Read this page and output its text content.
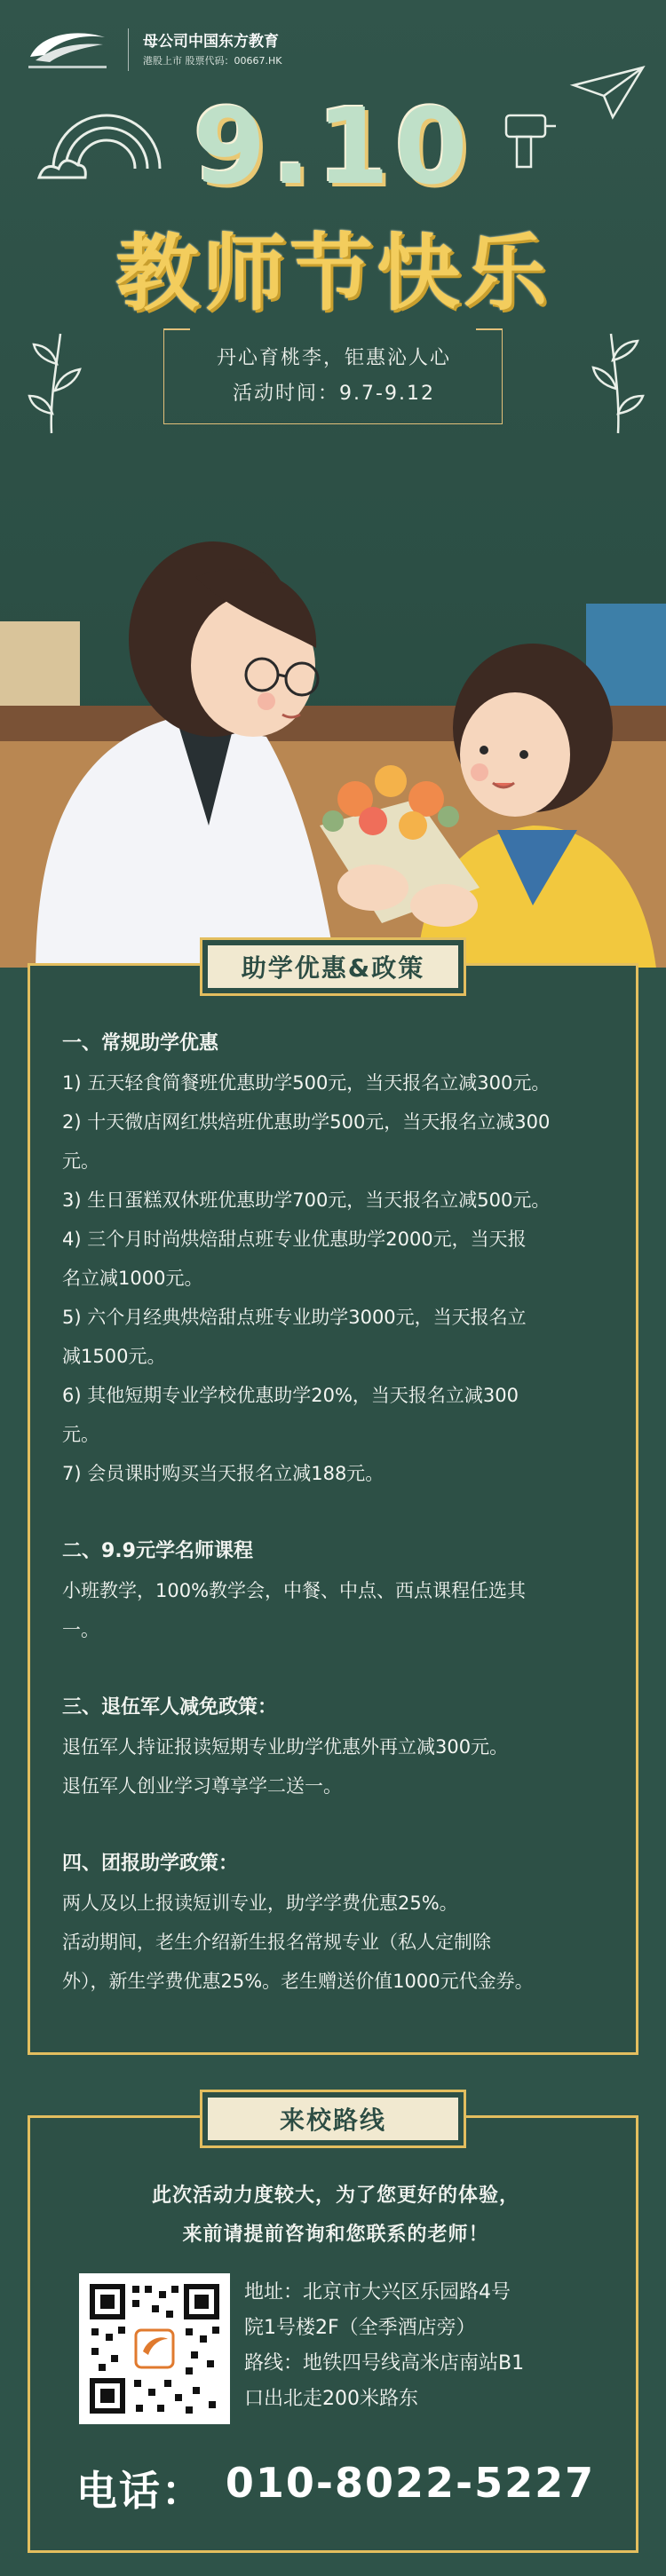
母公司中国东方教育
港股上市 股票代码：00667.HK
9.10
教师节快乐
丹心育桃李，钜惠沁人心
活动时间：9.7-9.12
助学优惠&政策
一、常规助学优惠
1) 五天轻食简餐班优惠助学500元，当天报名立减300元。
2) 十天微店网红烘焙班优惠助学500元，当天报名立减300
元。
3) 生日蛋糕双休班优惠助学700元，当天报名立减500元。
4) 三个月时尚烘焙甜点班专业优惠助学2000元，当天报
名立减1000元。
5) 六个月经典烘焙甜点班专业助学3000元，当天报名立
减1500元。
6) 其他短期专业学校优惠助学20%，当天报名立减300
元。
7) 会员课时购买当天报名立减188元。
二、9.9元学名师课程
小班教学，100%教学会，中餐、中点、西点课程任选其
一。
三、退伍军人减免政策：
退伍军人持证报读短期专业助学优惠外再立减300元。
退伍军人创业学习尊享学二送一。
四、团报助学政策：
两人及以上报读短训专业，助学学费优惠25%。
活动期间，老生介绍新生报名常规专业（私人定制除
外），新生学费优惠25%。老生赠送价值1000元代金券。
来校路线
此次活动力度较大，为了您更好的体验，
来前请提前咨询和您联系的老师！
地址：北京市大兴区乐园路4号
院1号楼2F（全季酒店旁）
路线：地铁四号线高米店南站B1
口出北走200米路东
电话： 010-8022-5227
